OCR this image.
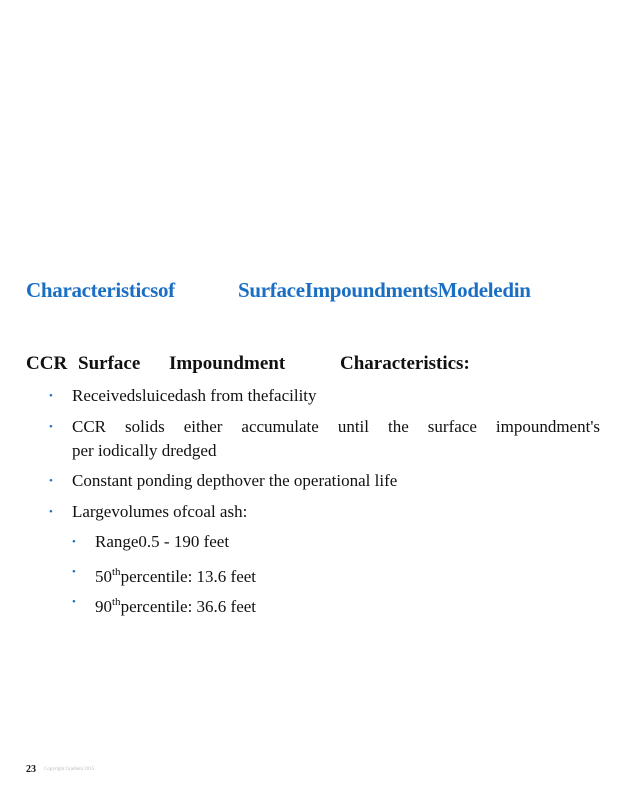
Characteristicsof	SurfaceImpoundmentsModeledin
CCR Surface Impoundment	Characteristics:
• Receivedsluicedash from thefacility
• CCR solids either accumulate until the surface impoundment's
per iodically dredged
• Constant ponding depthover the operational life
• Largevolumes ofcoal ash:
• Range0.5 - 190 feet
• 50thpercentile: 13.6 feet
• 90thpercentile: 36.6 feet
23 Copyright Gradient 2015
